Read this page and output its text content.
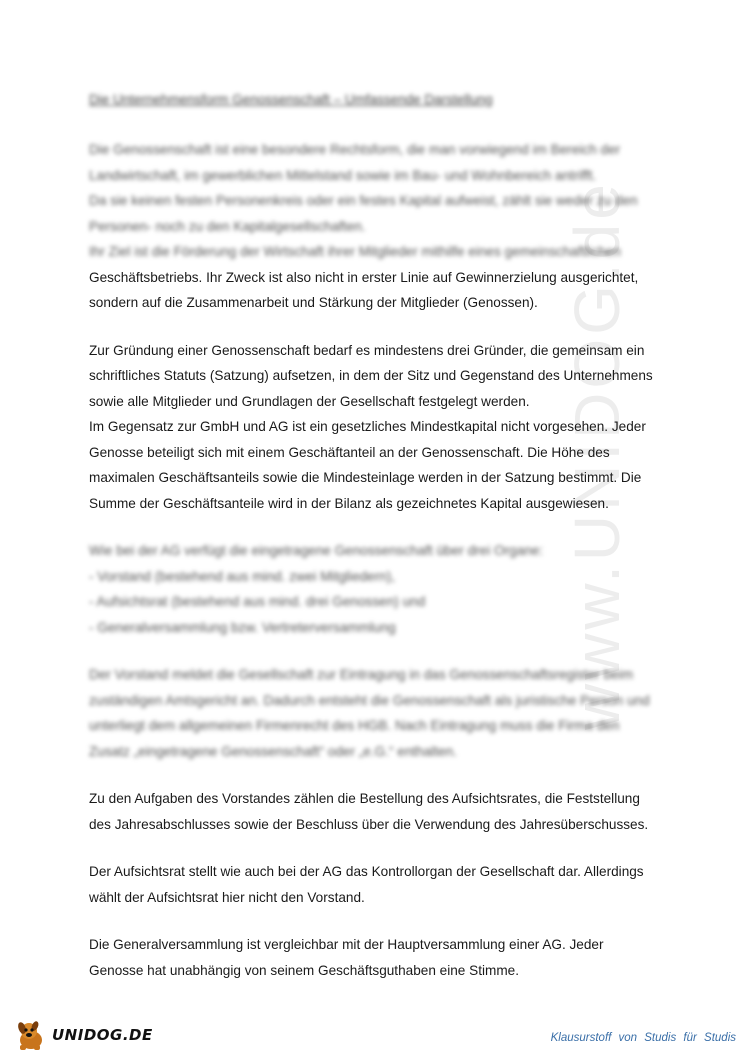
www.UNIDOG.de
Die Unternehmensform Genossenschaft – Umfassende Darstellung

Die Genossenschaft ist eine besondere Rechtsform, die man vorwiegend im Bereich der
Landwirtschaft, im gewerblichen Mittelstand sowie im Bau- und Wohnbereich antrifft.
Da sie keinen festen Personenkreis oder ein festes Kapital aufweist, zählt sie weder zu den
Personen- noch zu den Kapitalgesellschaften.
Ihr Ziel ist die Förderung der Wirtschaft ihrer Mitglieder mithilfe eines gemeinschaftlichen
Geschäftsbetriebs. Ihr Zweck ist also nicht in erster Linie auf Gewinnerzielung ausgerichtet,
sondern auf die Zusammenarbeit und Stärkung der Mitglieder (Genossen).

Zur Gründung einer Genossenschaft bedarf es mindestens drei Gründer, die gemeinsam ein
schriftliches Statuts (Satzung) aufsetzen, in dem der Sitz und Gegenstand des Unternehmens
sowie alle Mitglieder und Grundlagen der Gesellschaft festgelegt werden.
Im Gegensatz zur GmbH und AG ist ein gesetzliches Mindestkapital nicht vorgesehen. Jeder
Genosse beteiligt sich mit einem Geschäftanteil an der Genossenschaft. Die Höhe des
maximalen Geschäftsanteils sowie die Mindesteinlage werden in der Satzung bestimmt. Die
Summe der Geschäftsanteile wird in der Bilanz als gezeichnetes Kapital ausgewiesen.

Wie bei der AG verfügt die eingetragene Genossenschaft über drei Organe:
- Vorstand (bestehend aus mind. zwei Mitgliedern),
- Aufsichtsrat (bestehend aus mind. drei Genossen) und
- Generalversammlung bzw. Vertreterversammlung

Der Vorstand meldet die Gesellschaft zur Eintragung in das Genossenschaftsregister beim
zuständigen Amtsgericht an. Dadurch entsteht die Genossenschaft als juristische Person und
unterliegt dem allgemeinen Firmenrecht des HGB. Nach Eintragung muss die Firma den
Zusatz „eingetragene Genossenschaft“ oder „e.G.“ enthalten.

Zu den Aufgaben des Vorstandes zählen die Bestellung des Aufsichtsrates, die Feststellung
des Jahresabschlusses sowie der Beschluss über die Verwendung des Jahresüberschusses.

Der Aufsichtsrat stellt wie auch bei der AG das Kontrollorgan der Gesellschaft dar. Allerdings
wählt der Aufsichtsrat hier nicht den Vorstand.

Die Generalversammlung ist vergleichbar mit der Hauptversammlung einer AG. Jeder
Genosse hat unabhängig von seinem Geschäftsguthaben eine Stimme.

UNIDOG.DE	Klausurstoff von Studis für Studis
